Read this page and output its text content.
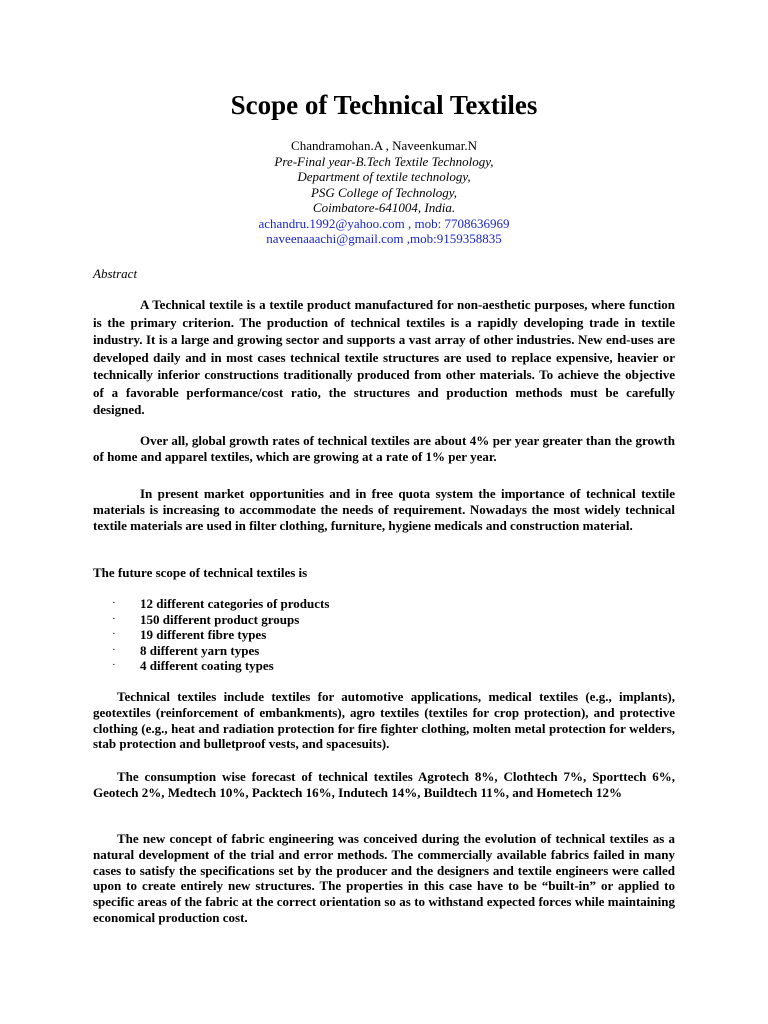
Scope of Technical Textiles
Chandramohan.A , Naveenkumar.N
Pre-Final year-B.Tech Textile Technology,
Department of textile technology,
PSG College of Technology,
Coimbatore-641004, India.
achandru.1992@yahoo.com , mob: 7708636969
naveenaaachi@gmail.com ,mob:9159358835
Abstract

A Technical textile is a textile product manufactured for non-aesthetic purposes, where function is the primary criterion. The production of technical textiles is a rapidly developing trade in textile industry. It is a large and growing sector and supports a vast array of other industries. New end-uses are developed daily and in most cases technical textile structures are used to replace expensive, heavier or technically inferior constructions traditionally produced from other materials. To achieve the objective of a favorable performance/cost ratio, the structures and production methods must be carefully designed.

Over all, global growth rates of technical textiles are about 4% per year greater than the growth of home and apparel textiles, which are growing at a rate of 1% per year.

In present market opportunities and in free quota system the importance of technical textile materials is increasing to accommodate the needs of requirement. Nowadays the most widely technical textile materials are used in filter clothing, furniture, hygiene medicals and construction material.

The future scope of technical textiles is

· 12 different categories of products
· 150 different product groups
· 19 different fibre types
· 8 different yarn types
· 4 different coating types

Technical textiles include textiles for automotive applications, medical textiles (e.g., implants), geotextiles (reinforcement of embankments), agro textiles (textiles for crop protection), and protective clothing (e.g., heat and radiation protection for fire fighter clothing, molten metal protection for welders, stab protection and bulletproof vests, and spacesuits).

The consumption wise forecast of technical textiles Agrotech 8%, Clothtech 7%, Sporttech 6%, Geotech 2%, Medtech 10%, Packtech 16%, Indutech 14%, Buildtech 11%, and Hometech 12%

The new concept of fabric engineering was conceived during the evolution of technical textiles as a natural development of the trial and error methods. The commercially available fabrics failed in many cases to satisfy the specifications set by the producer and the designers and textile engineers were called upon to create entirely new structures. The properties in this case have to be “built-in” or applied to specific areas of the fabric at the correct orientation so as to withstand expected forces while maintaining economical production cost.
